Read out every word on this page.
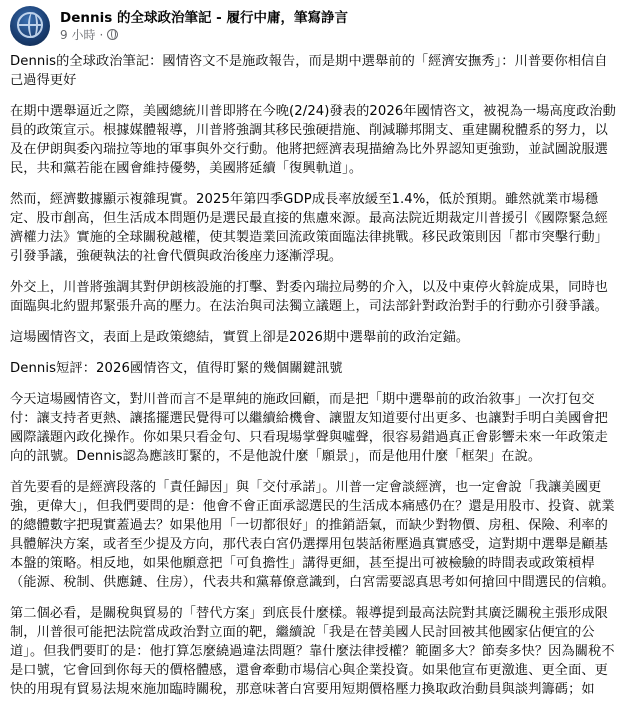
Dennis 的全球政治筆記 - 履行中庸，筆寫諍言
9 小時 ·

Dennis的全球政治筆記：國情咨文不是施政報告，而是期中選舉前的「經濟安撫秀」：川普要你相信自己過得更好

在期中選舉逼近之際，美國總統川普即將在今晚(2/24)發表的2026年國情咨文，被視為一場高度政治動員的政策宣示。根據媒體報導，川普將強調其移民強硬措施、削減聯邦開支、重建關稅體系的努力，以及在伊朗與委內瑞拉等地的軍事與外交行動。他將把經濟表現描繪為比外界認知更強勁，並試圖說服選民，共和黨若能在國會維持優勢，美國將延續「復興軌道」。

然而，經濟數據顯示複雜現實。2025年第四季GDP成長率放緩至1.4%，低於預期。雖然就業市場穩定、股市創高，但生活成本問題仍是選民最直接的焦慮來源。最高法院近期裁定川普援引《國際緊急經濟權力法》實施的全球關稅越權，使其製造業回流政策面臨法律挑戰。移民政策則因「都市突擊行動」引發爭議，強硬執法的社會代價與政治後座力逐漸浮現。

外交上，川普將強調其對伊朗核設施的打擊、對委內瑞拉局勢的介入，以及中東停火斡旋成果，同時也面臨與北約盟邦緊張升高的壓力。在法治與司法獨立議題上，司法部針對政治對手的行動亦引發爭議。

這場國情咨文，表面上是政策總結，實質上卻是2026期中選舉前的政治定錨。

Dennis短評：2026國情咨文，值得盯緊的幾個關鍵訊號

今天這場國情咨文，對川普而言不是單純的施政回顧，而是把「期中選舉前的政治敘事」一次打包交付：讓支持者更熱、讓搖擺選民覺得可以繼續給機會、讓盟友知道要付出更多、也讓對手明白美國會把國際議題內政化操作。你如果只看金句、只看現場掌聲與噓聲，很容易錯過真正會影響未來一年政策走向的訊號。Dennis認為應該盯緊的，不是他說什麼「願景」，而是他用什麼「框架」在說。

首先要看的是經濟段落的「責任歸因」與「交付承諾」。川普一定會談經濟，也一定會說「我讓美國更強，更偉大」，但我們要問的是：他會不會正面承認選民的生活成本痛感仍在？還是用股市、投資、就業的總體數字把現實蓋過去？如果他用「一切都很好」的推銷語氣，而缺少對物價、房租、保險、利率的具體解決方案，或者至少提及方向，那代表白宮仍選擇用包裝話術壓過真實感受，這對期中選舉是顧基本盤的策略。相反地，如果他願意把「可負擔性」講得更細，甚至提出可被檢驗的時間表或政策槓桿（能源、稅制、供應鏈、住房），代表共和黨幕僚意識到，白宮需要認真思考如何搶回中間選民的信賴。

第二個必看，是關稅與貿易的「替代方案」到底長什麼樣。報導提到最高法院對其廣泛關稅主張形成限制，川普很可能把法院當成政治對立面的靶，繼續說「我是在替美國人民討回被其他國家佔便宜的公道」。但我們要盯的是：他打算怎麼繞過違法問題？靠什麼法律授權？範圍多大？節奏多快？因為關稅不是口號，它會回到你每天的價格體感，還會牽動市場信心與企業投資。如果他宣布更激進、更全面、更快的用現有貿易法規來施加臨時關稅，那意味著白宮要用短期價格壓力換取政治動員與談判籌碼；如
